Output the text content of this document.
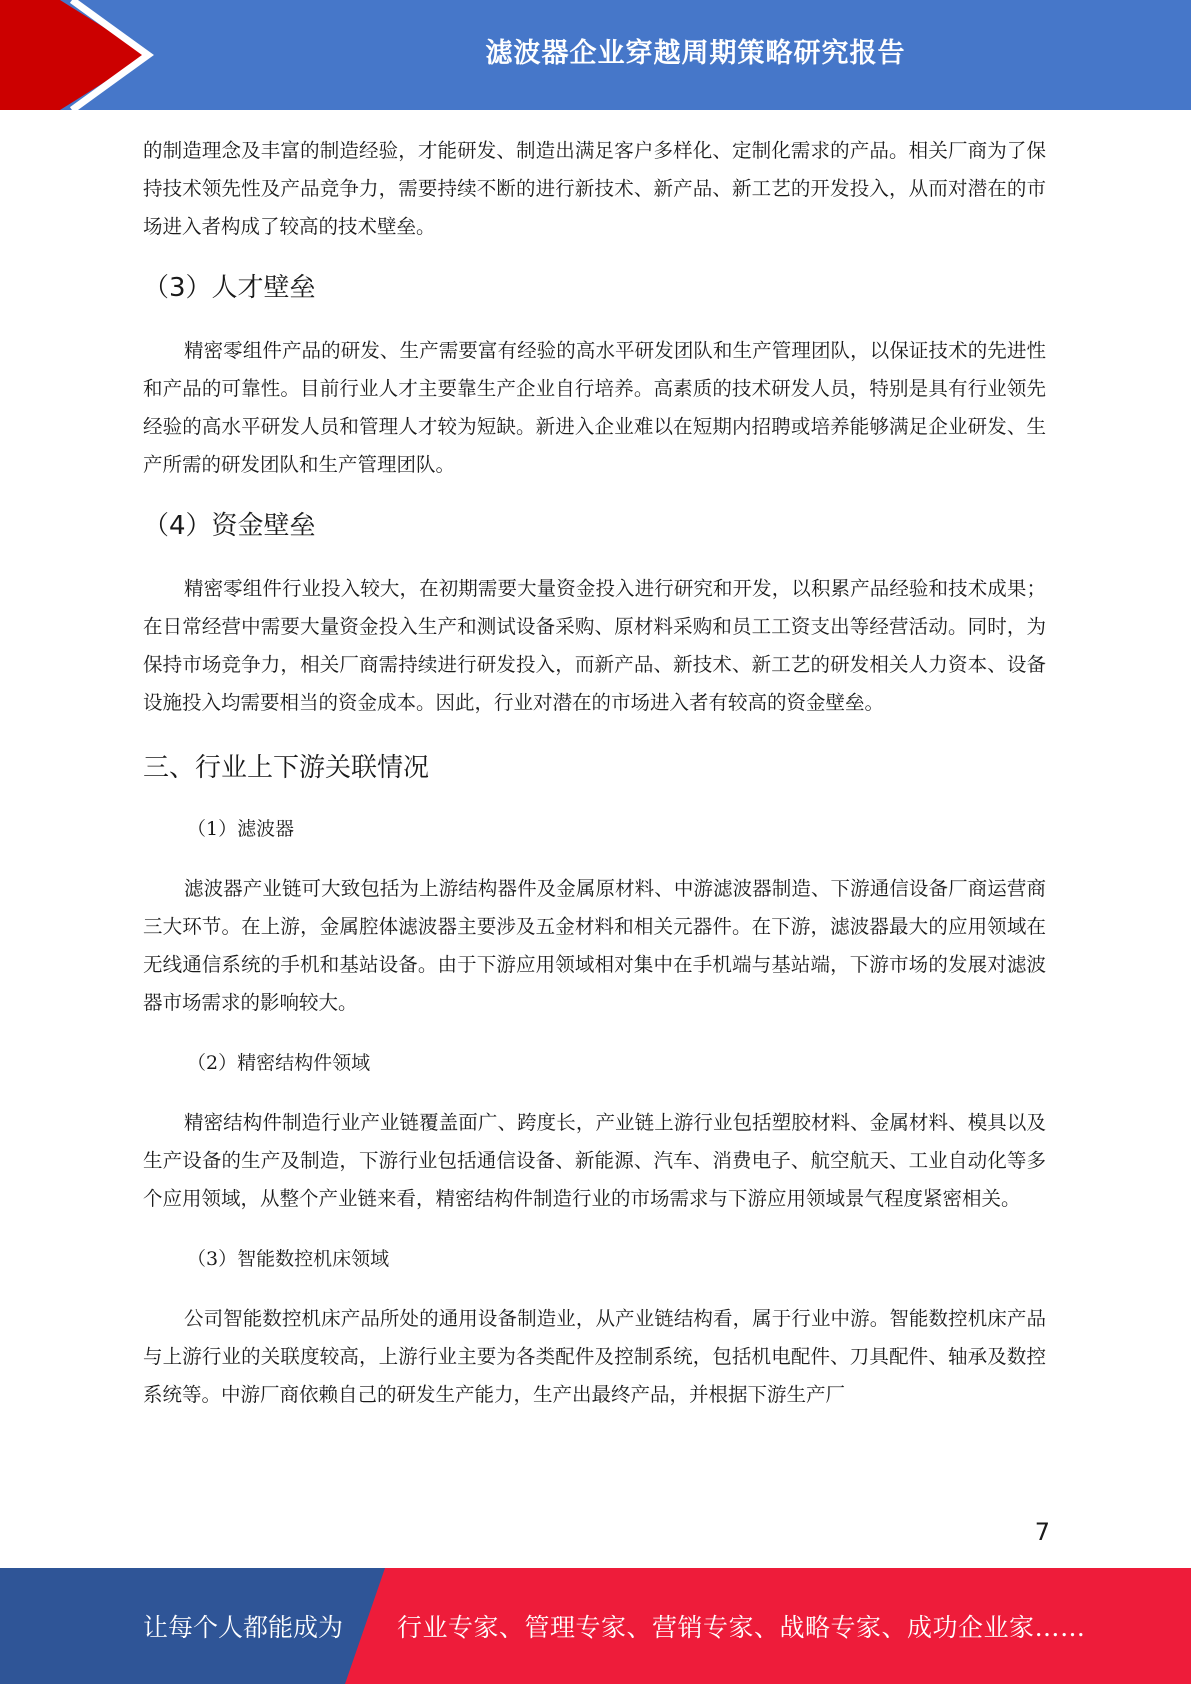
滤波器企业穿越周期策略研究报告

的制造理念及丰富的制造经验，才能研发、制造出满足客户多样化、定制化需求的产品。相关厂商为了保持技术领先性及产品竞争力，需要持续不断的进行新技术、新产品、新工艺的开发投入，从而对潜在的市场进入者构成了较高的技术壁垒。

（3）人才壁垒

精密零组件产品的研发、生产需要富有经验的高水平研发团队和生产管理团队，以保证技术的先进性和产品的可靠性。目前行业人才主要靠生产企业自行培养。高素质的技术研发人员，特别是具有行业领先经验的高水平研发人员和管理人才较为短缺。新进入企业难以在短期内招聘或培养能够满足企业研发、生产所需的研发团队和生产管理团队。

（4）资金壁垒

精密零组件行业投入较大，在初期需要大量资金投入进行研究和开发，以积累产品经验和技术成果；在日常经营中需要大量资金投入生产和测试设备采购、原材料采购和员工工资支出等经营活动。同时，为保持市场竞争力，相关厂商需持续进行研发投入，而新产品、新技术、新工艺的研发相关人力资本、设备设施投入均需要相当的资金成本。因此，行业对潜在的市场进入者有较高的资金壁垒。

三、行业上下游关联情况

（1）滤波器

滤波器产业链可大致包括为上游结构器件及金属原材料、中游滤波器制造、下游通信设备厂商运营商三大环节。在上游，金属腔体滤波器主要涉及五金材料和相关元器件。在下游，滤波器最大的应用领域在无线通信系统的手机和基站设备。由于下游应用领域相对集中在手机端与基站端，下游市场的发展对滤波器市场需求的影响较大。

（2）精密结构件领域

精密结构件制造行业产业链覆盖面广、跨度长，产业链上游行业包括塑胶材料、金属材料、模具以及生产设备的生产及制造，下游行业包括通信设备、新能源、汽车、消费电子、航空航天、工业自动化等多个应用领域，从整个产业链来看，精密结构件制造行业的市场需求与下游应用领域景气程度紧密相关。

（3）智能数控机床领域

公司智能数控机床产品所处的通用设备制造业，从产业链结构看，属于行业中游。智能数控机床产品与上游行业的关联度较高，上游行业主要为各类配件及控制系统，包括机电配件、刀具配件、轴承及数控系统等。中游厂商依赖自己的研发生产能力，生产出最终产品，并根据下游生产厂

7
让每个人都能成为 行业专家、管理专家、营销专家、战略专家、成功企业家……
